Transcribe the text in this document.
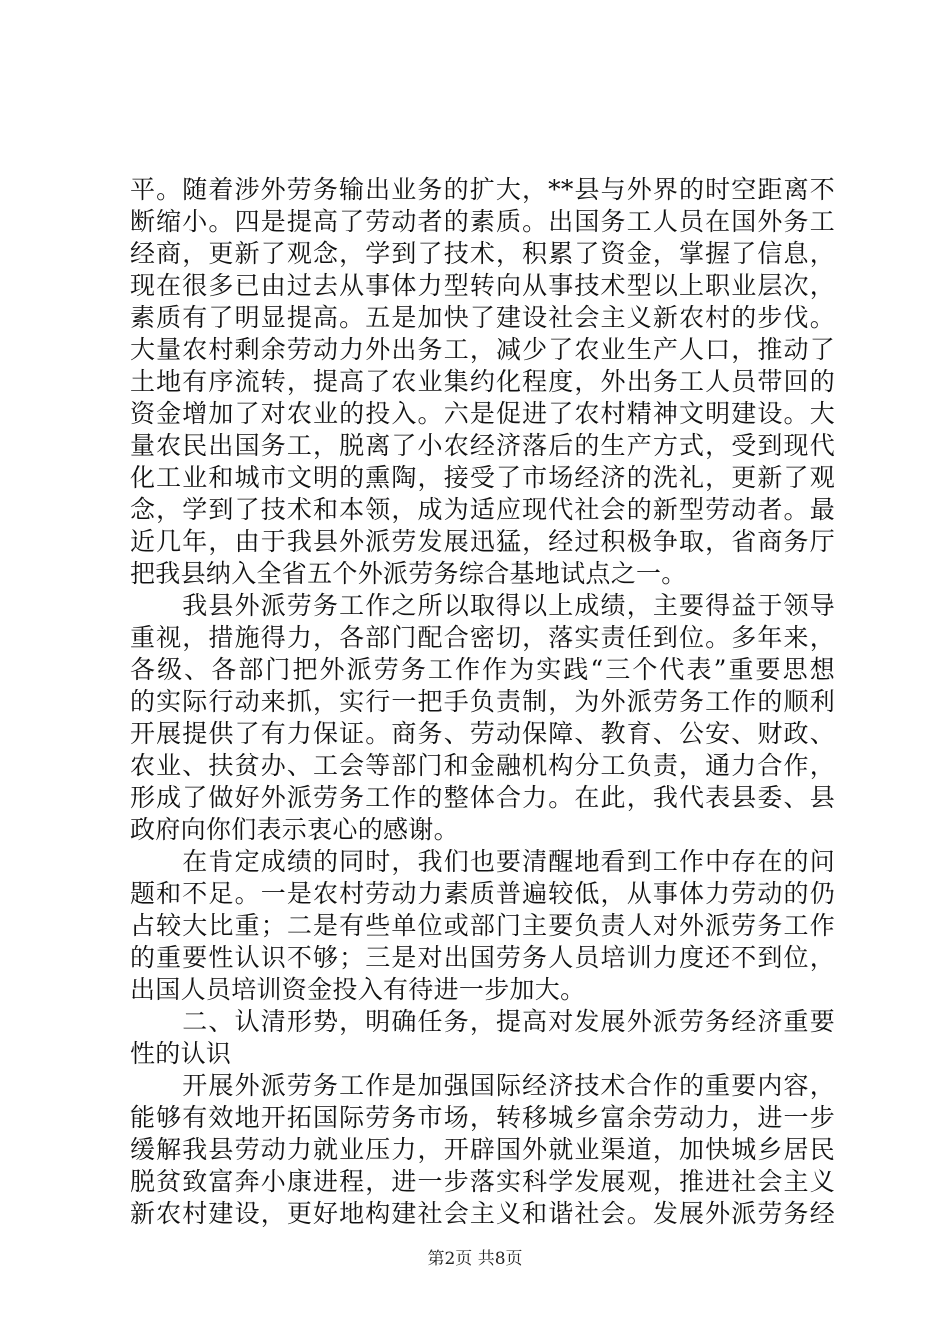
平。随着涉外劳务输出业务的扩大，**县与外界的时空距离不
断缩小。四是提高了劳动者的素质。出国务工人员在国外务工
经商，更新了观念，学到了技术，积累了资金，掌握了信息，
现在很多已由过去从事体力型转向从事技术型以上职业层次，
素质有了明显提高。五是加快了建设社会主义新农村的步伐。
大量农村剩余劳动力外出务工，减少了农业生产人口，推动了
土地有序流转，提高了农业集约化程度，外出务工人员带回的
资金增加了对农业的投入。六是促进了农村精神文明建设。大
量农民出国务工，脱离了小农经济落后的生产方式，受到现代
化工业和城市文明的熏陶，接受了市场经济的洗礼，更新了观
念，学到了技术和本领，成为适应现代社会的新型劳动者。最
近几年，由于我县外派劳发展迅猛，经过积极争取，省商务厅
把我县纳入全省五个外派劳务综合基地试点之一。
　　我县外派劳务工作之所以取得以上成绩，主要得益于领导
重视，措施得力，各部门配合密切，落实责任到位。多年来，
各级、各部门把外派劳务工作作为实践“三个代表”重要思想
的实际行动来抓，实行一把手负责制，为外派劳务工作的顺利
开展提供了有力保证。商务、劳动保障、教育、公安、财政、
农业、扶贫办、工会等部门和金融机构分工负责，通力合作，
形成了做好外派劳务工作的整体合力。在此，我代表县委、县
政府向你们表示衷心的感谢。
　　在肯定成绩的同时，我们也要清醒地看到工作中存在的问
题和不足。一是农村劳动力素质普遍较低，从事体力劳动的仍
占较大比重；二是有些单位或部门主要负责人对外派劳务工作
的重要性认识不够；三是对出国劳务人员培训力度还不到位，
出国人员培训资金投入有待进一步加大。
　　二、认清形势，明确任务，提高对发展外派劳务经济重要
性的认识
　　开展外派劳务工作是加强国际经济技术合作的重要内容，
能够有效地开拓国际劳务市场，转移城乡富余劳动力，进一步
缓解我县劳动力就业压力，开辟国外就业渠道，加快城乡居民
脱贫致富奔小康进程，进一步落实科学发展观，推进社会主义
新农村建设，更好地构建社会主义和谐社会。发展外派劳务经
第2页 共8页
